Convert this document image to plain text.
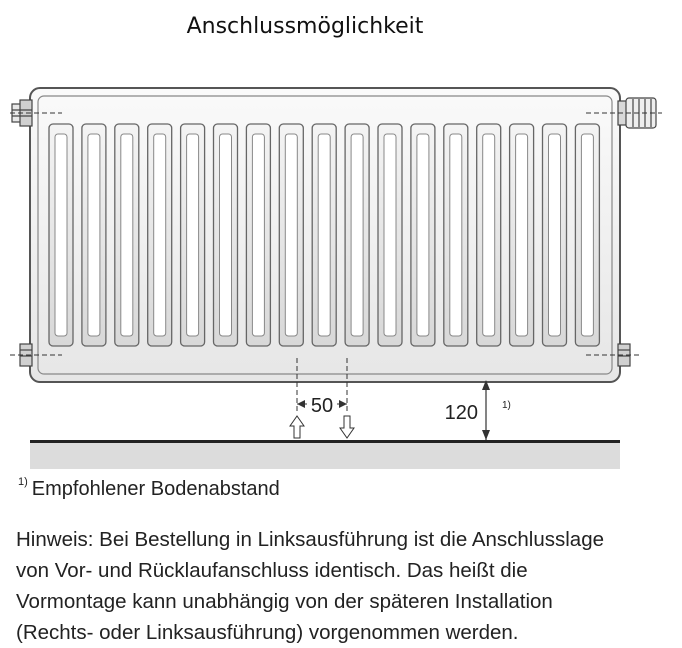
Anschlussmöglichkeit
50	120 1)
$^{1)}$ Empfohlener Bodenabstand
Hinweis: Bei Bestellung in Linksausführung ist die Anschlusslage
von Vor- und Rücklaufanschluss identisch. Das heißt die
Vormontage kann unabhängig von der späteren Installation
(Rechts- oder Linksausführung) vorgenommen werden.
